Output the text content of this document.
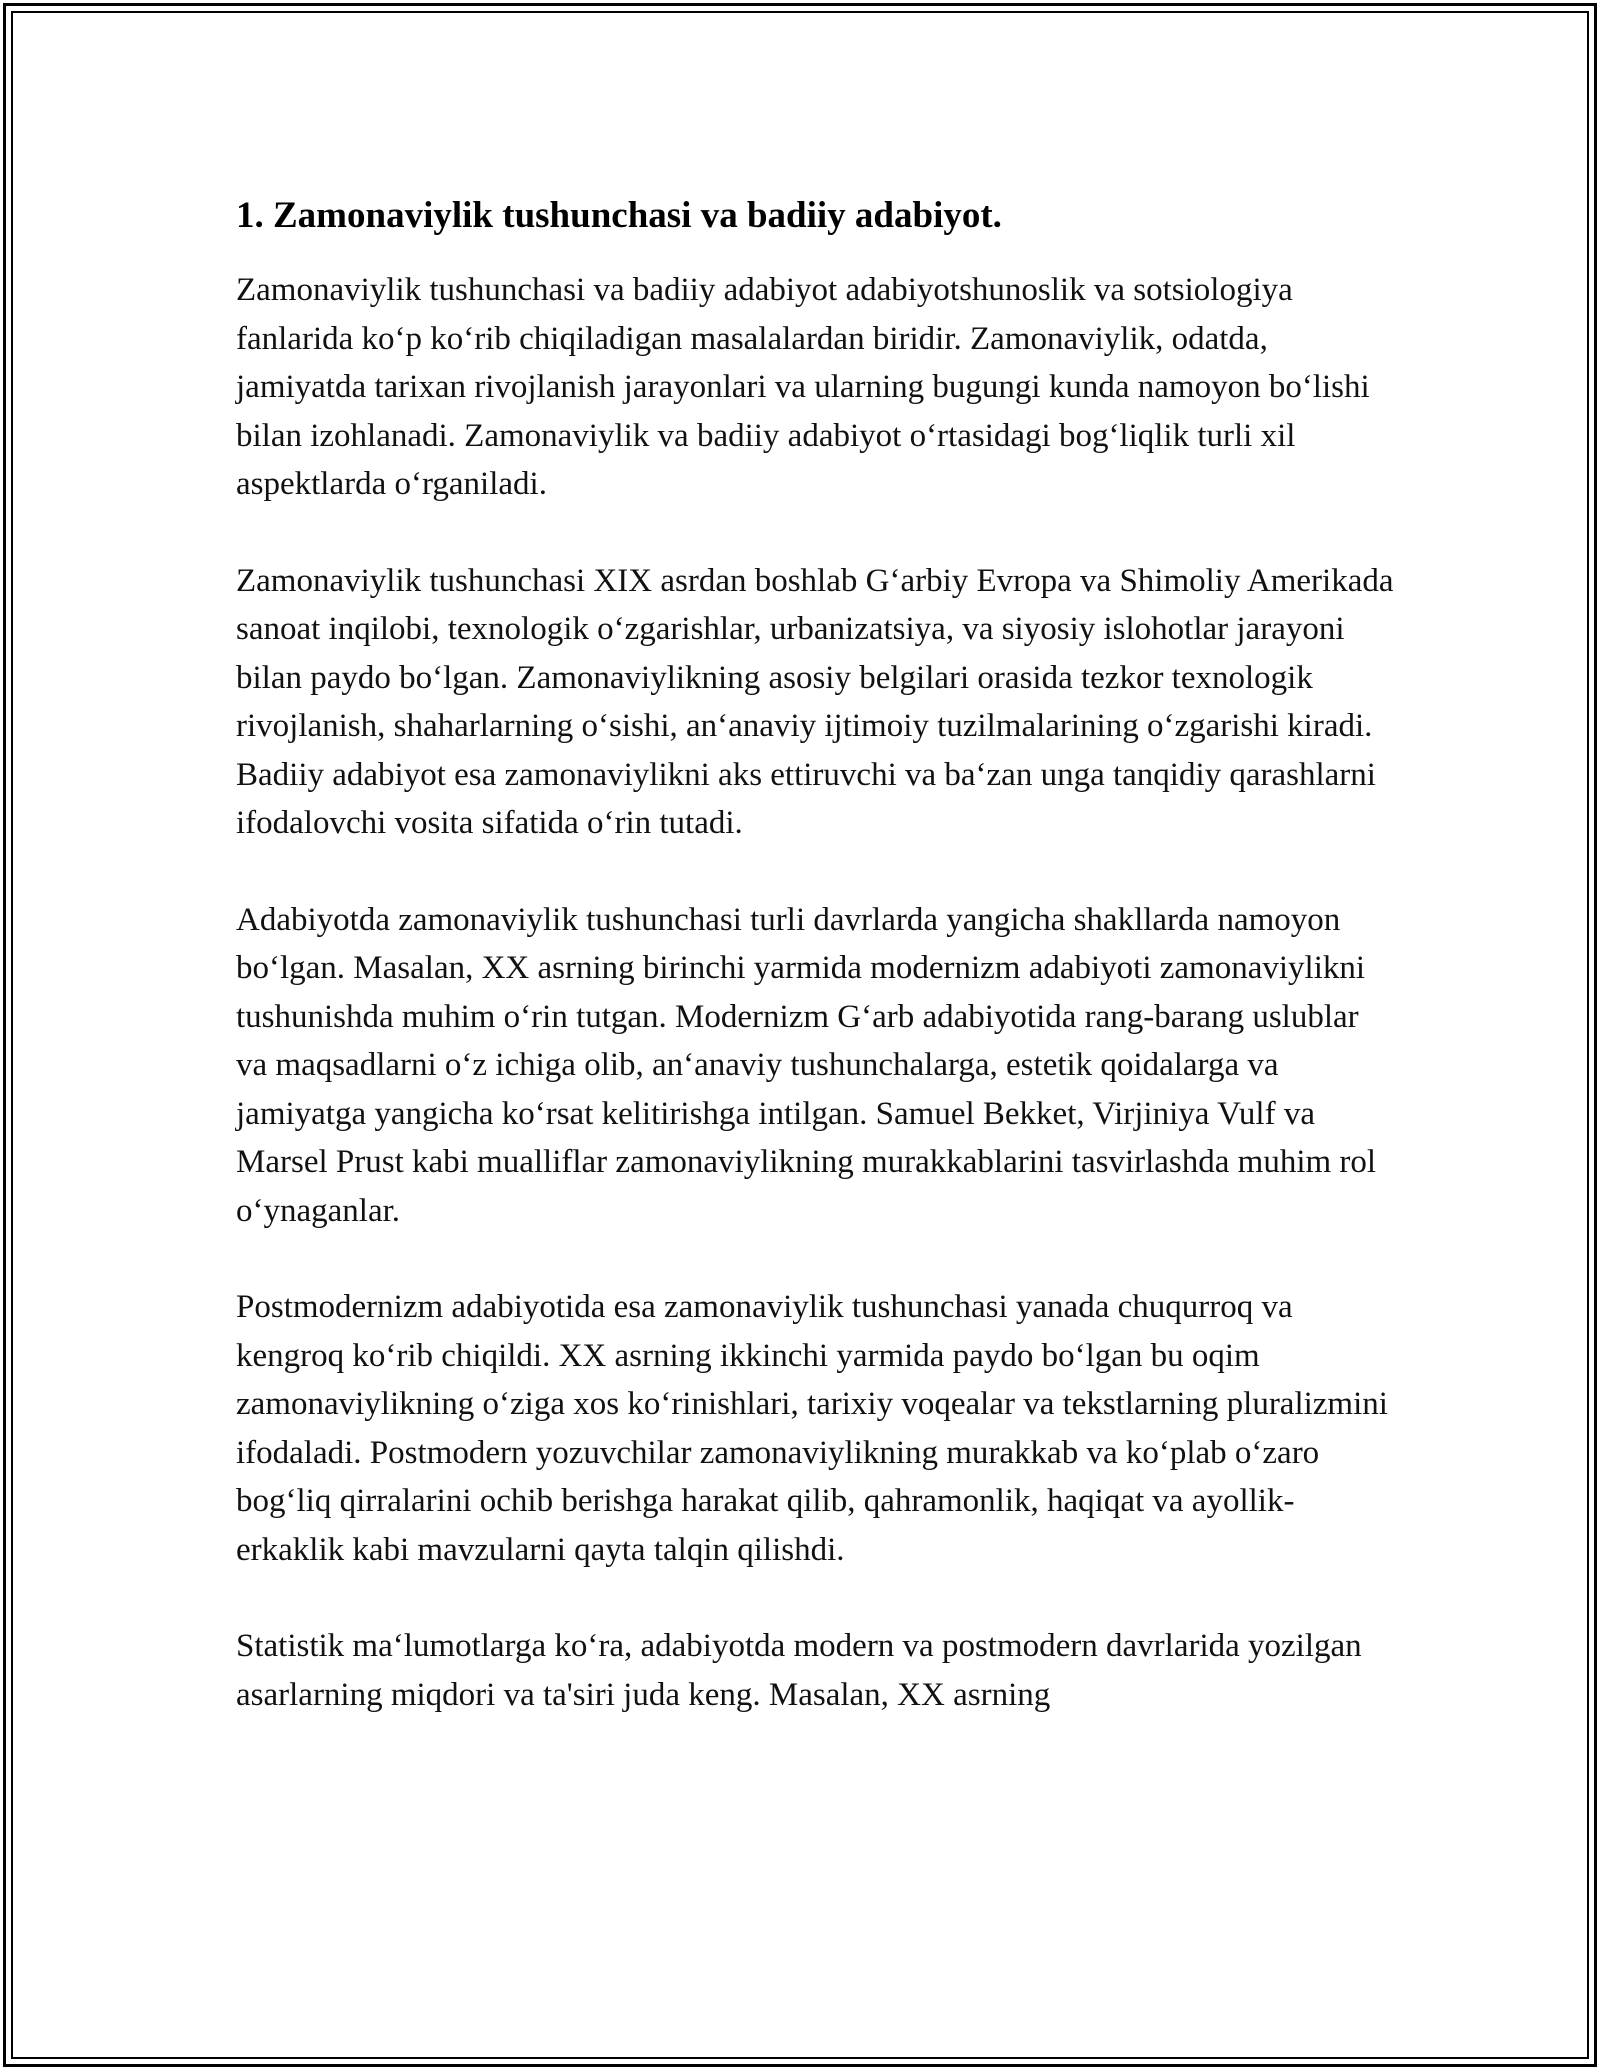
1. Zamonaviylik tushunchasi va badiiy adabiyot.

Zamonaviylik tushunchasi va badiiy adabiyot adabiyotshunoslik va sotsiologiya fanlarida ko‘p ko‘rib chiqiladigan masalalardan biridir. Zamonaviylik, odatda, jamiyatda tarixan rivojlanish jarayonlari va ularning bugungi kunda namoyon bo‘lishi bilan izohlanadi. Zamonaviylik va badiiy adabiyot o‘rtasidagi bog‘liqlik turli xil aspektlarda o‘rganiladi.

Zamonaviylik tushunchasi XIX asrdan boshlab G‘arbiy Evropa va Shimoliy Amerikada sanoat inqilobi, texnologik o‘zgarishlar, urbanizatsiya, va siyosiy islohotlar jarayoni bilan paydo bo‘lgan. Zamonaviylikning asosiy belgilari orasida tezkor texnologik rivojlanish, shaharlarning o‘sishi, an‘anaviy ijtimoiy tuzilmalarining o‘zgarishi kiradi. Badiiy adabiyot esa zamonaviylikni aks ettiruvchi va ba‘zan unga tanqidiy qarashlarni ifodalovchi vosita sifatida o‘rin tutadi.

Adabiyotda zamonaviylik tushunchasi turli davrlarda yangicha shakllarda namoyon bo‘lgan. Masalan, XX asrning birinchi yarmida modernizm adabiyoti zamonaviylikni tushunishda muhim o‘rin tutgan. Modernizm G‘arb adabiyotida rang-barang uslublar va maqsadlarni o‘z ichiga olib, an‘anaviy tushunchalarga, estetik qoidalarga va jamiyatga yangicha ko‘rsat kelitirishga intilgan. Samuel Bekket, Virjiniya Vulf va Marsel Prust kabi mualliflar zamonaviylikning murakkablarini tasvirlashda muhim rol o‘ynaganlar.

Postmodernizm adabiyotida esa zamonaviylik tushunchasi yanada chuqurroq va kengroq ko‘rib chiqildi. XX asrning ikkinchi yarmida paydo bo‘lgan bu oqim zamonaviylikning o‘ziga xos ko‘rinishlari, tarixiy voqealar va tekstlarning pluralizmini ifodaladi. Postmodern yozuvchilar zamonaviylikning murakkab va ko‘plab o‘zaro bog‘liq qirralarini ochib berishga harakat qilib, qahramonlik, haqiqat va ayollik-erkaklik kabi mavzularni qayta talqin qilishdi.

Statistik ma‘lumotlarga ko‘ra, adabiyotda modern va postmodern davrlarida yozilgan asarlarning miqdori va ta'siri juda keng. Masalan, XX asrning
